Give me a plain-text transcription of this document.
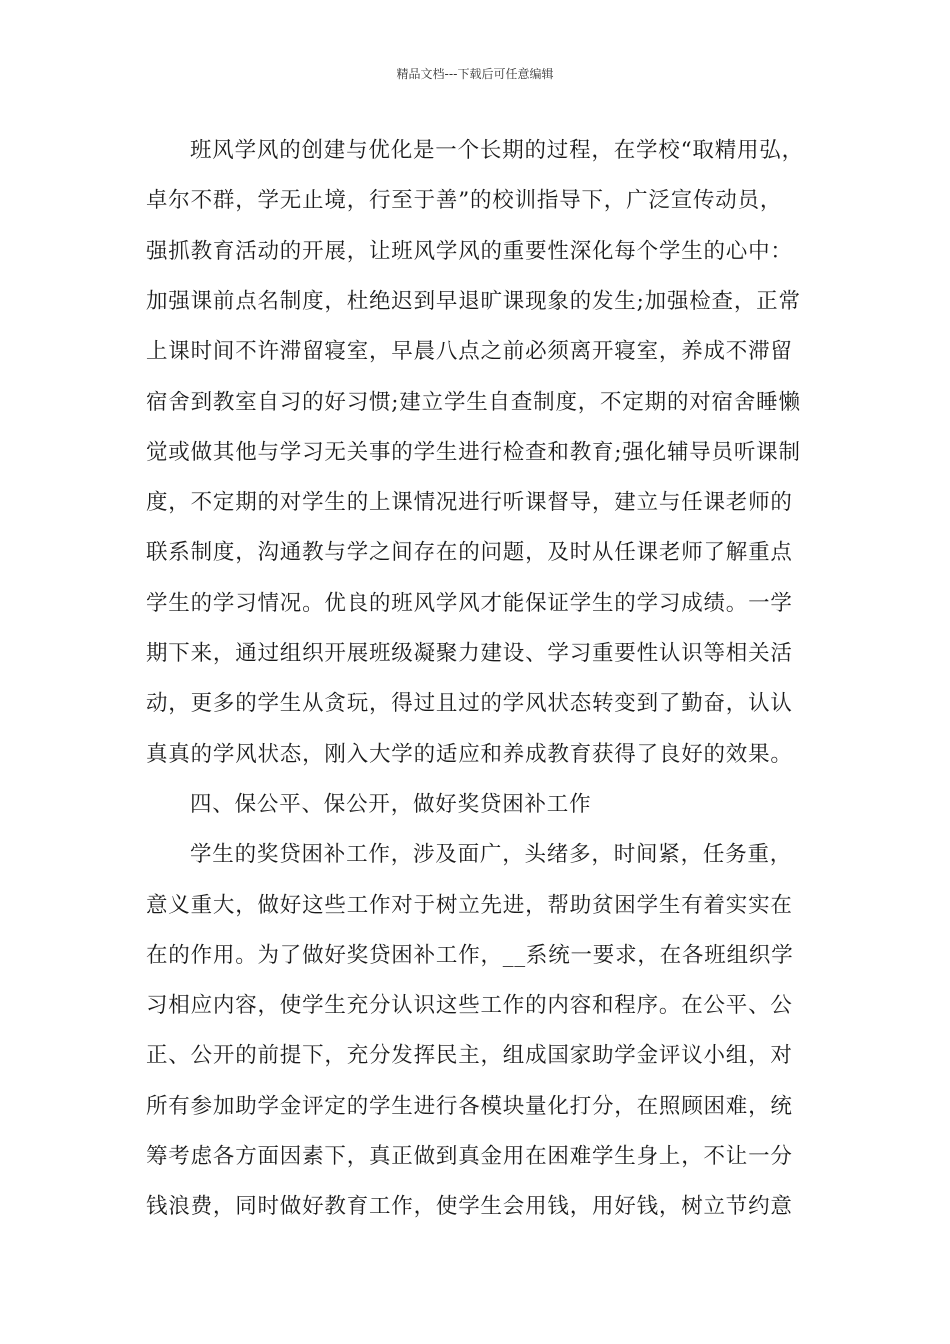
精品文档---下载后可任意编辑
班风学风的创建与优化是一个长期的过程，在学校“取精用弘，
卓尔不群，学无止境，行至于善”的校训指导下，广泛宣传动员，
强抓教育活动的开展，让班风学风的重要性深化每个学生的心中：
加强课前点名制度，杜绝迟到早退旷课现象的发生;加强检查，正常
上课时间不许滞留寝室，早晨八点之前必须离开寝室，养成不滞留
宿舍到教室自习的好习惯;建立学生自查制度，不定期的对宿舍睡懒
觉或做其他与学习无关事的学生进行检查和教育;强化辅导员听课制
度，不定期的对学生的上课情况进行听课督导，建立与任课老师的
联系制度，沟通教与学之间存在的问题，及时从任课老师了解重点
学生的学习情况。优良的班风学风才能保证学生的学习成绩。一学
期下来，通过组织开展班级凝聚力建设、学习重要性认识等相关活
动，更多的学生从贪玩，得过且过的学风状态转变到了勤奋，认认
真真的学风状态，刚入大学的适应和养成教育获得了良好的效果。
四、保公平、保公开，做好奖贷困补工作
学生的奖贷困补工作，涉及面广，头绪多，时间紧，任务重，
意义重大，做好这些工作对于树立先进，帮助贫困学生有着实实在
在的作用。为了做好奖贷困补工作，__系统一要求，在各班组织学
习相应内容，使学生充分认识这些工作的内容和程序。在公平、公
正、公开的前提下，充分发挥民主，组成国家助学金评议小组，对
所有参加助学金评定的学生进行各模块量化打分，在照顾困难，统
筹考虑各方面因素下，真正做到真金用在困难学生身上，不让一分
钱浪费，同时做好教育工作，使学生会用钱，用好钱，树立节约意
